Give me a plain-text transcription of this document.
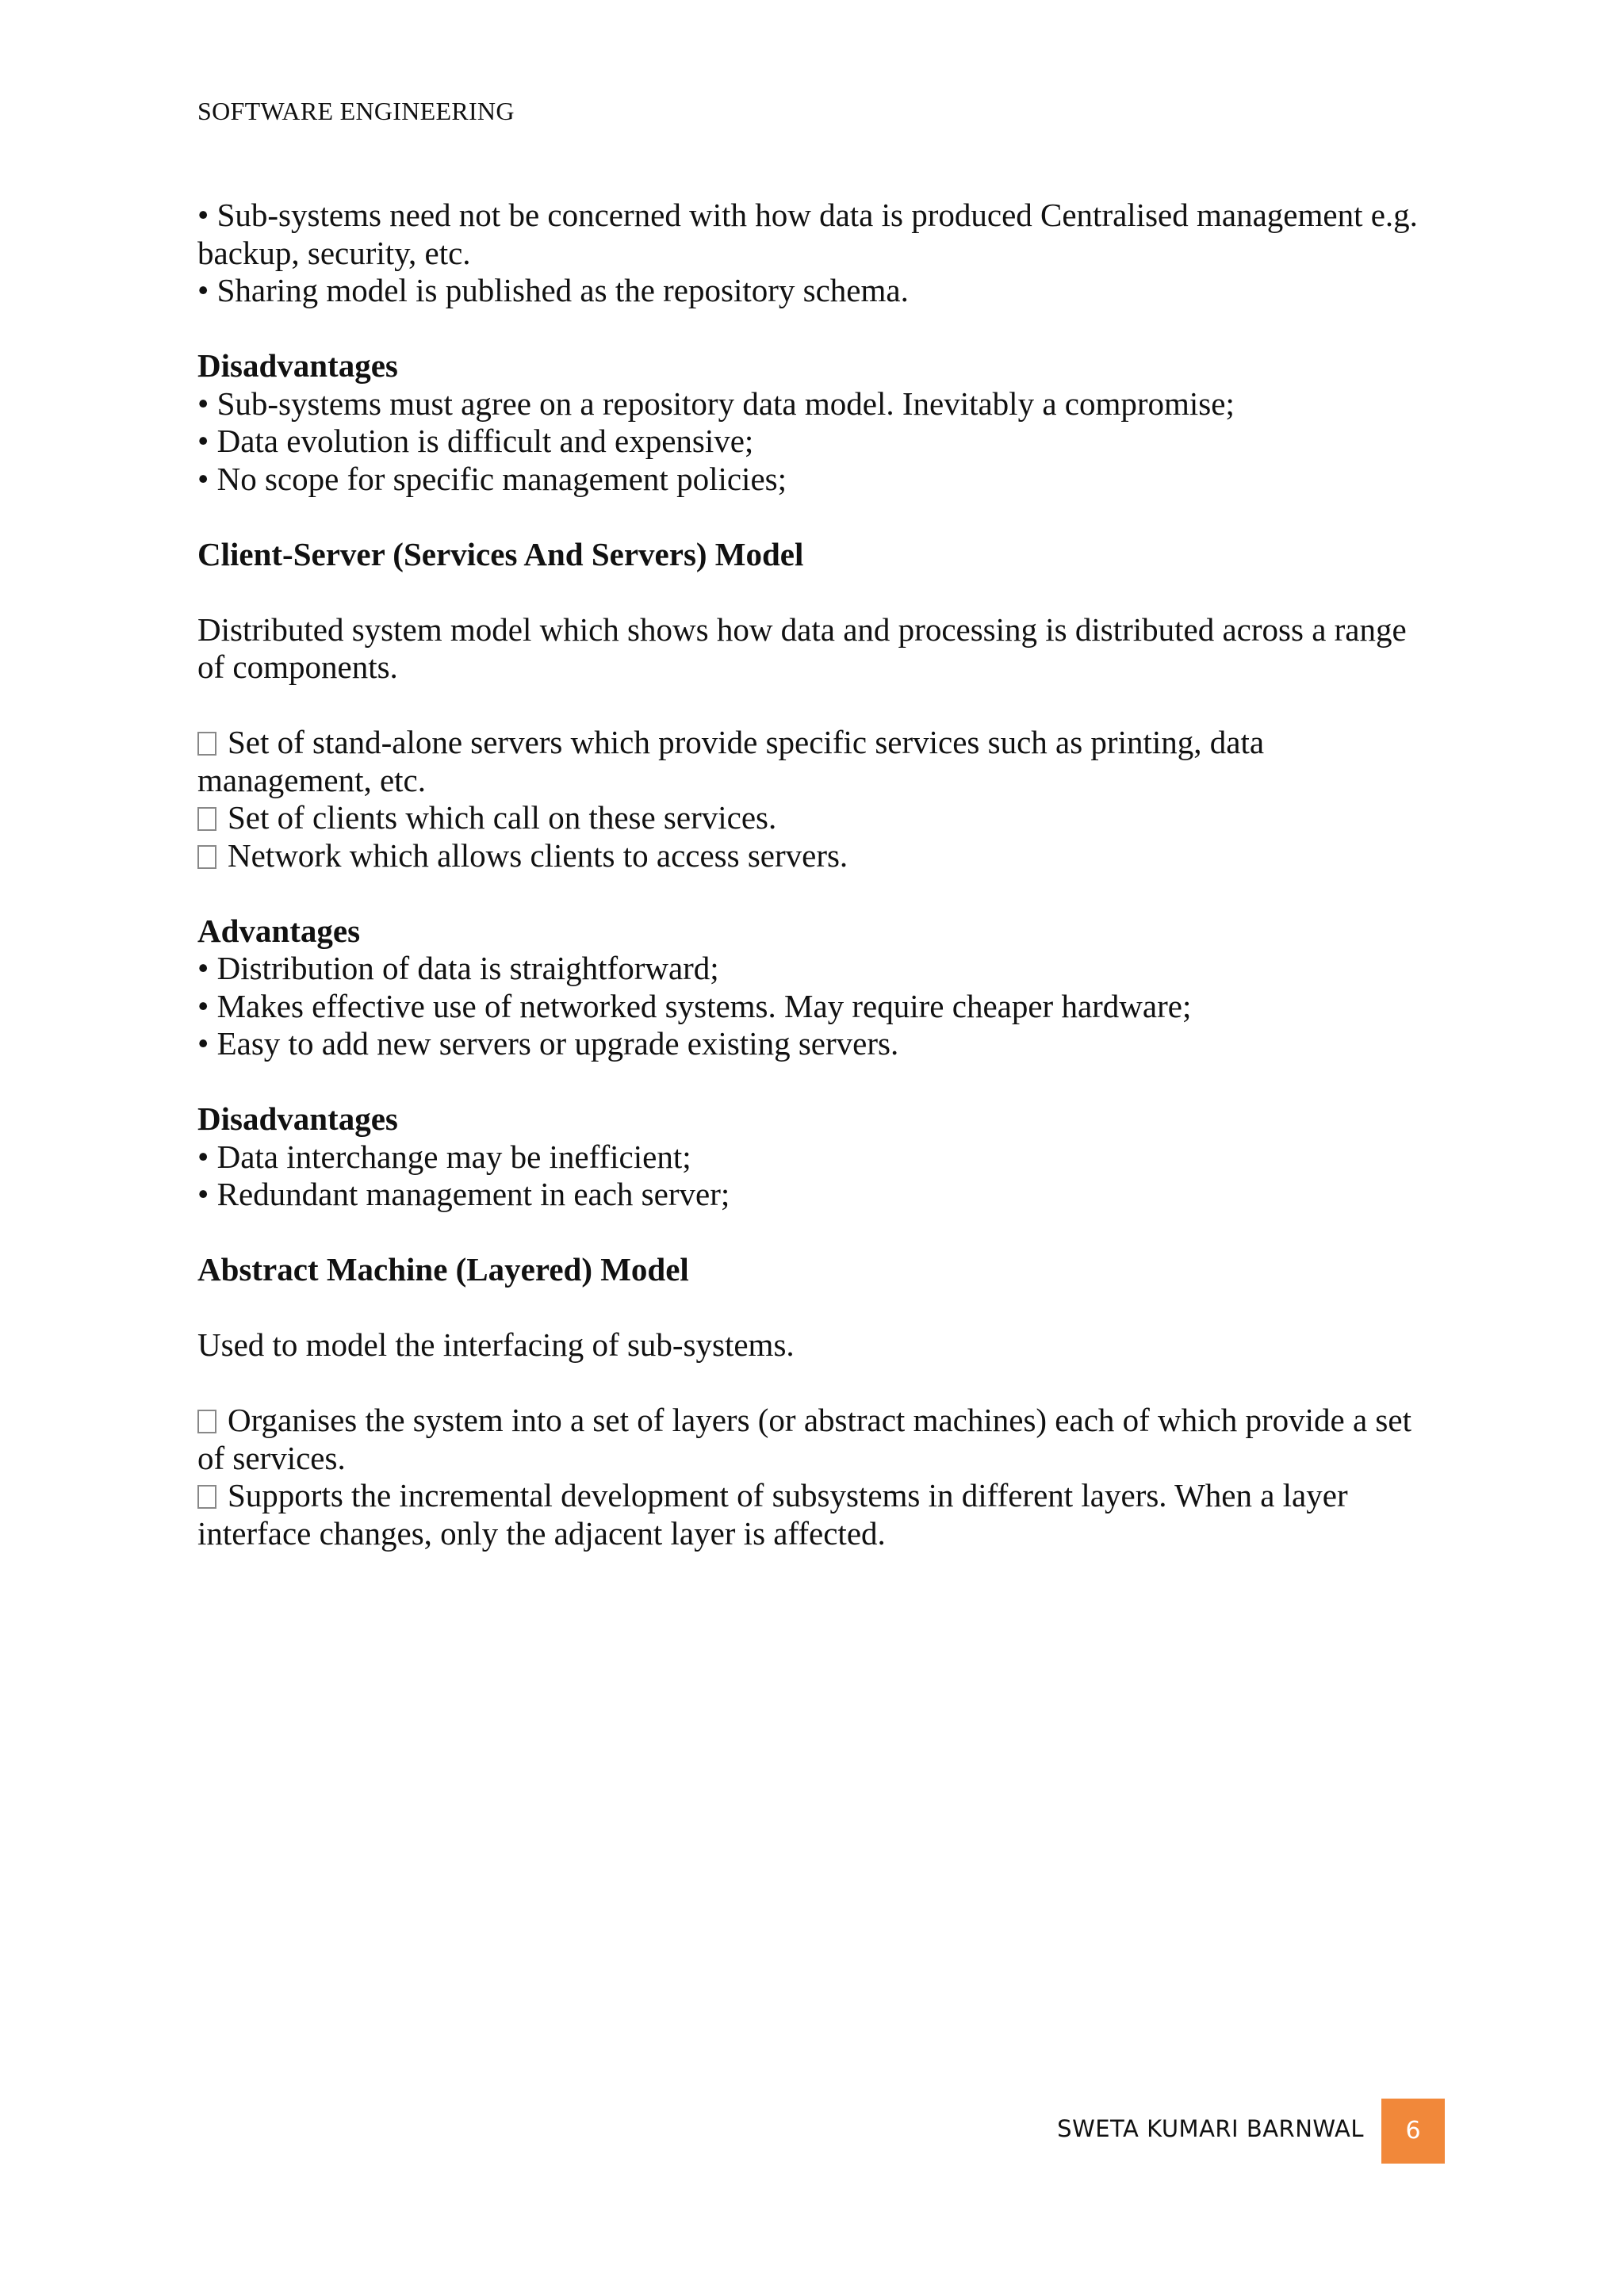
SOFTWARE ENGINEERING

• Sub-systems need not be concerned with how data is produced Centralised management e.g.

backup, security, etc.

• Sharing model is published as the repository schema.

Disadvantages

• Sub-systems must agree on a repository data model. Inevitably a compromise;

• Data evolution is difficult and expensive;

• No scope for specific management policies;

Client-Server (Services And Servers) Model

Distributed system model which shows how data and processing is distributed across a range

of components.

Set of stand-alone servers which provide specific services such as printing, data

management, etc.

Set of clients which call on these services.

Network which allows clients to access servers.

Advantages

• Distribution of data is straightforward;

• Makes effective use of networked systems. May require cheaper hardware;

• Easy to add new servers or upgrade existing servers.

Disadvantages

• Data interchange may be inefficient;

• Redundant management in each server;

Abstract Machine (Layered) Model

Used to model the interfacing of sub-systems.

Organises the system into a set of layers (or abstract machines) each of which provide a set

of services.

Supports the incremental development of subsystems in different layers. When a layer

interface changes, only the adjacent layer is affected.

SWETA KUMARI BARNWAL	6
